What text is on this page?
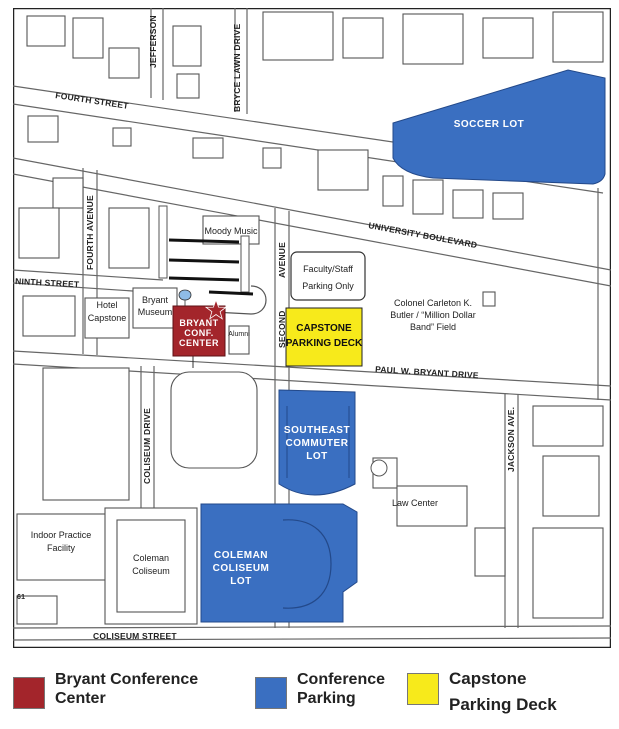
SOCCER LOT
Faculty/Staff
Parking Only
CAPSTONE
PARKING DECK
BRYANT
CONF.
CENTER
SOUTHEAST
COMMUTER
LOT
COLEMAN
COLISEUM
LOT
FOURTH STREET
JEFFERSON	BRYCE LAWN DRIVE
UNIVERSITY BOULEVARD
FOURTH AVENUE
NINTH STREET
AVENUE
SECOND
PAUL W. BRYANT DRIVE
COLISEUM DRIVE	JACKSON AVE.
COLISEUM STREET
Moody Music
Hotel
Capstone
Bryant
Museum
Alumni
Colonel Carleton K.
Butler / “Million Dollar
Band” Field
Law Center
Indoor Practice
Facility
Coleman
Coliseum
61
Bryant Conference
Center
Conference
Parking
Capstone
Parking Deck
